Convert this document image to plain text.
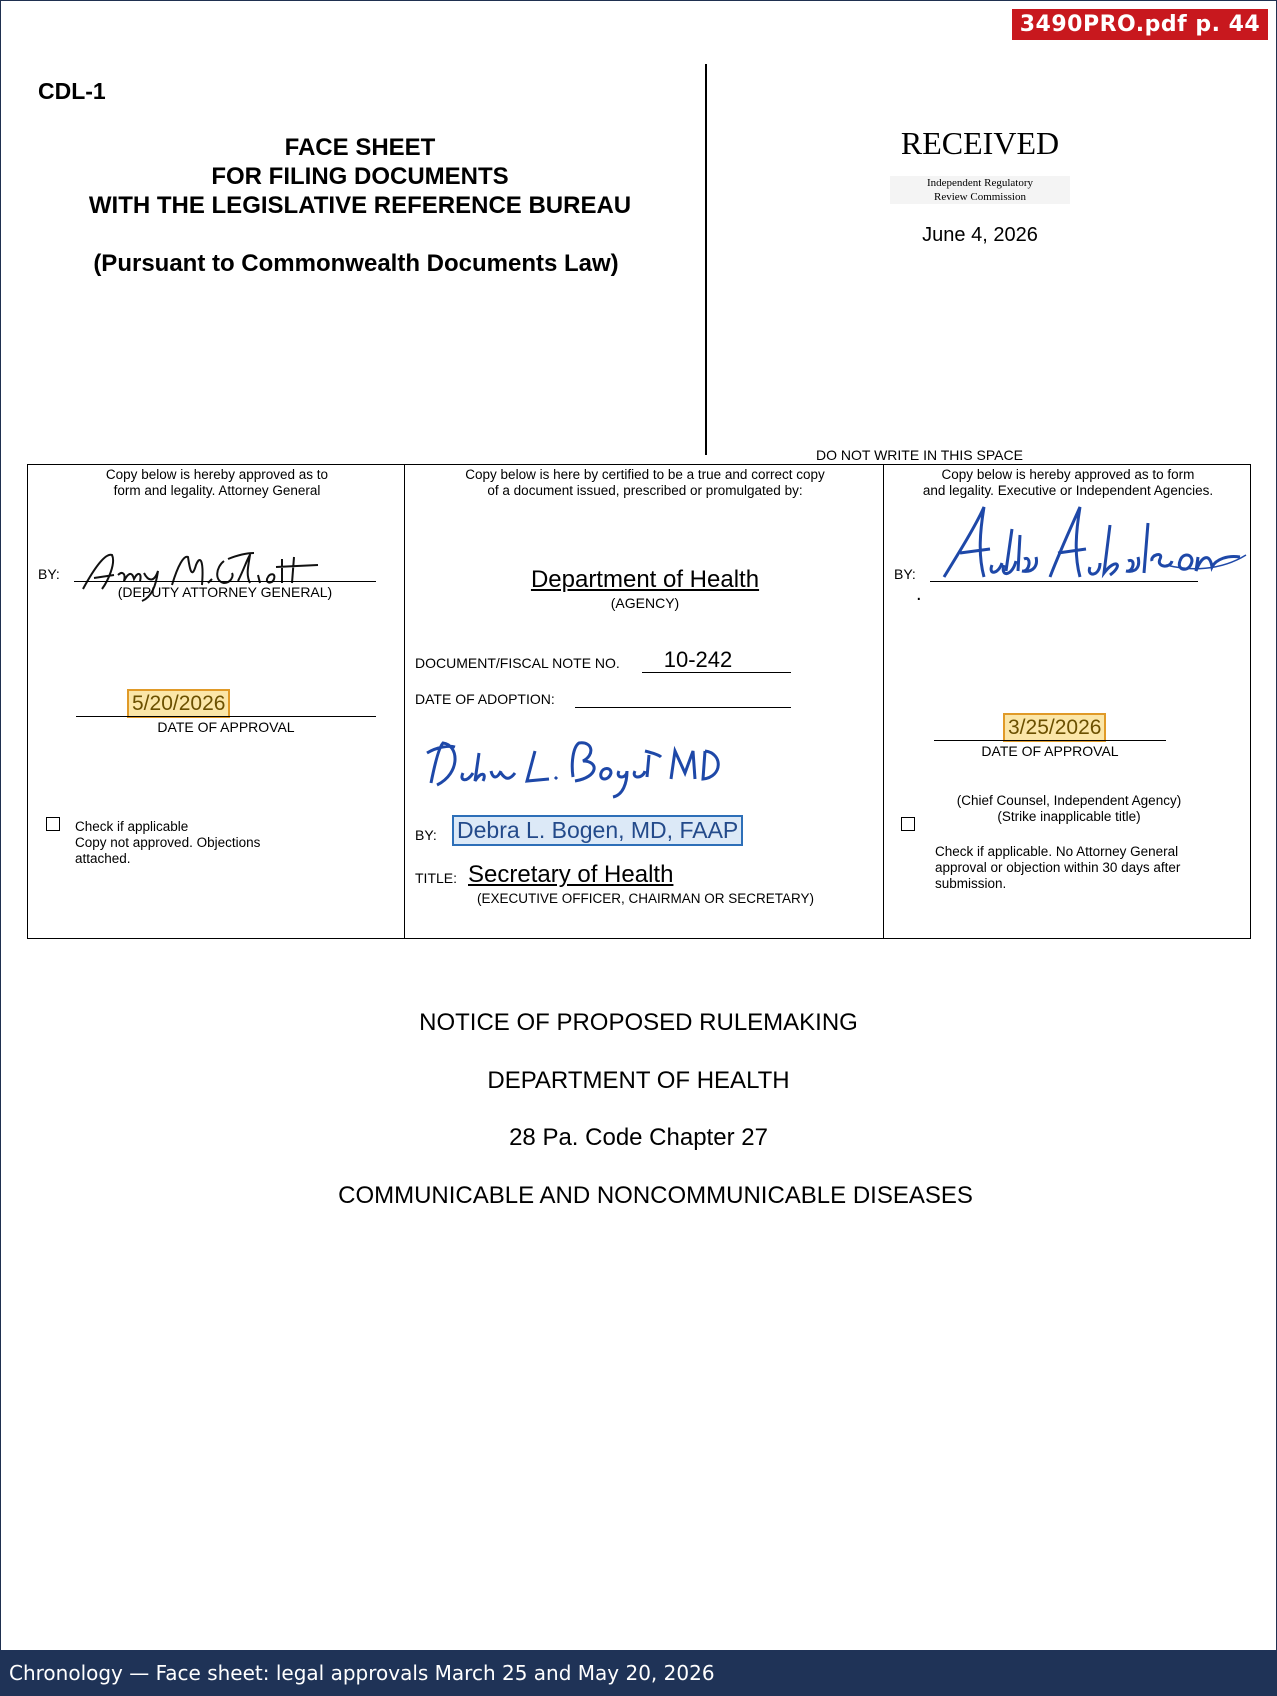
3490PRO.pdf p. 44
CDL-1
FACE SHEET
FOR FILING DOCUMENTS
WITH THE LEGISLATIVE REFERENCE BUREAU
(Pursuant to Commonwealth Documents Law)
RECEIVED
Independent Regulatory
Review Commission
June 4, 2026
DO NOT WRITE IN THIS SPACE
Copy below is hereby approved as to
form and legality. Attorney General
BY:
(DEPUTY ATTORNEY GENERAL)
5/20/2026
DATE OF APPROVAL
Check if applicable
Copy not approved. Objections
attached.
Copy below is here by certified to be a true and correct copy
of a document issued, prescribed or promulgated by:
Department of Health
(AGENCY)
DOCUMENT/FISCAL NOTE NO.	10-242
DATE OF ADOPTION:
BY: Debra L. Bogen, MD, FAAP
TITLE: Secretary of Health
(EXECUTIVE OFFICER, CHAIRMAN OR SECRETARY)
Copy below is hereby approved as to form
and legality. Executive or Independent Agencies.
BY:
.
3/25/2026
DATE OF APPROVAL
(Chief Counsel, Independent Agency)
(Strike inapplicable title)
Check if applicable. No Attorney General
approval or objection within 30 days after
submission.
NOTICE OF PROPOSED RULEMAKING
DEPARTMENT OF HEALTH
28 Pa. Code Chapter 27
COMMUNICABLE AND NONCOMMUNICABLE DISEASES
Chronology — Face sheet: legal approvals March 25 and May 20, 2026
